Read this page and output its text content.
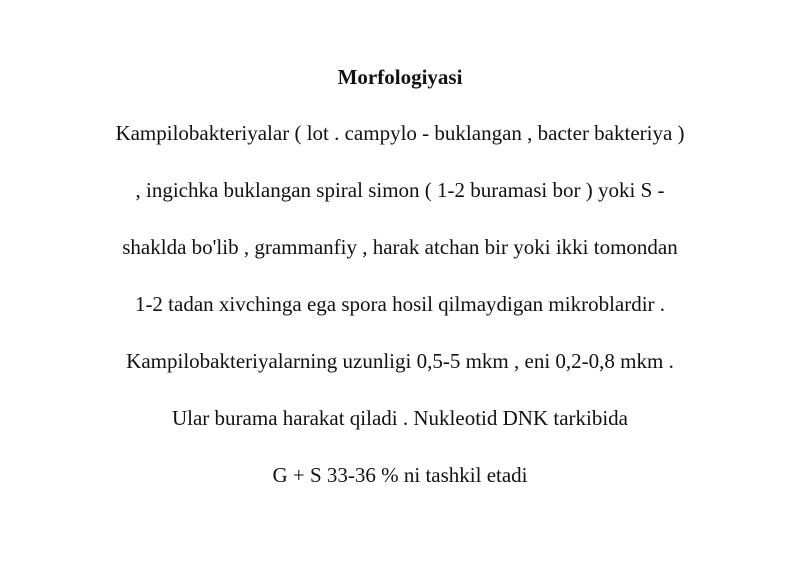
Morfologiyasi
Kampilobakteriyalar ( lot . campylo - buklangan , bacter bakteriya )
, ingichka buklangan spiral simon ( 1-2 buramasi bor ) yoki S -
shaklda bo'lib , grammanfiy , harak atchan bir yoki ikki tomondan
1-2 tadan xivchinga ega spora hosil qilmaydigan mikroblardir .
Kampilobakteriyalarning uzunligi 0,5-5 mkm , eni 0,2-0,8 mkm .
Ular burama harakat qiladi . Nukleotid DNK tarkibida
G + S 33-36 % ni tashkil etadi
